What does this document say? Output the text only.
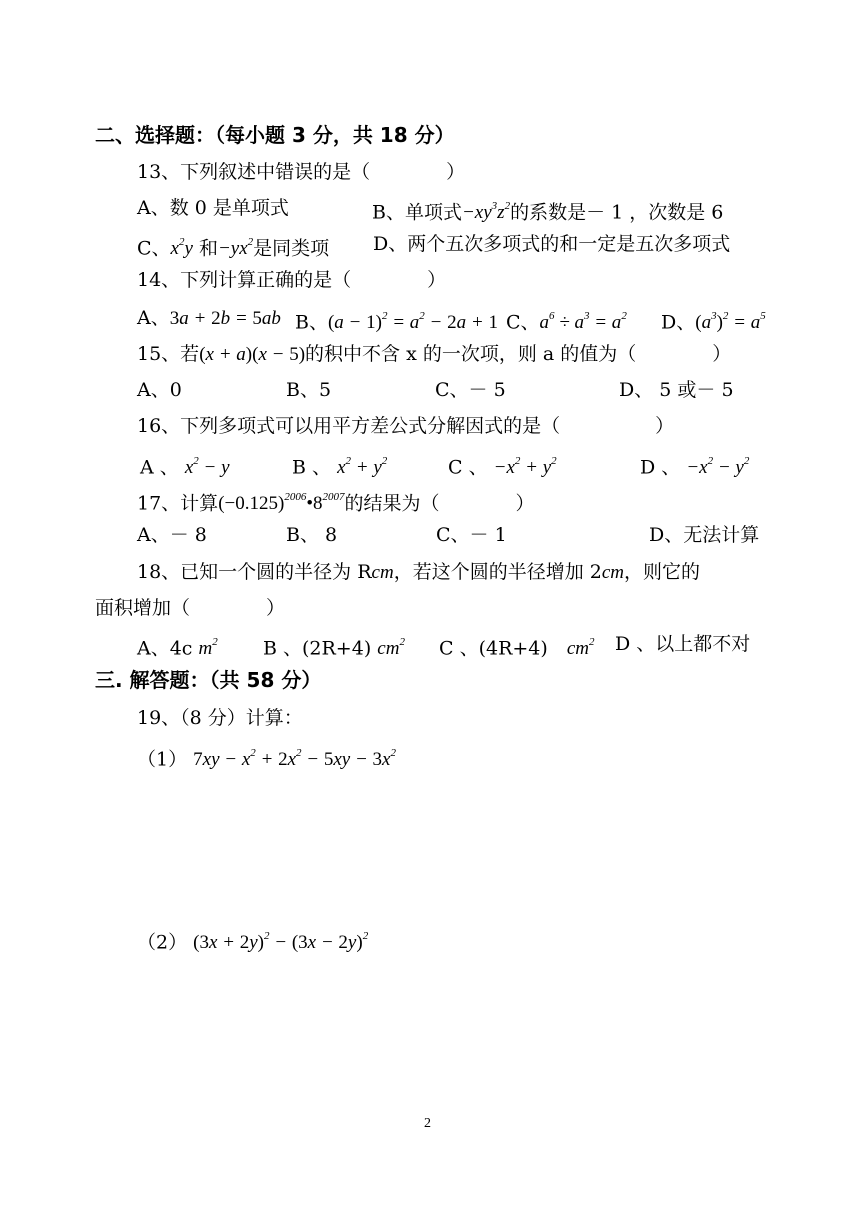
二、选择题：（每小题 3 分，共 18 分）
13、下列叙述中错误的是（　　　　）
A、数 0 是单项式	B、单项式$-xy^3z^2$的系数是－ 1 ，次数是 6
C、$x^2y$ 和$-yx^2$是同类项 D、两个五次多项式的和一定是五次多项式
14、下列计算正确的是（　　　　）
A、3a + 2b = 5ab B、$(a - 1)^2 = a^2 - 2a + 1$ C、$a^6 \div a^3 = a^2$ D、$(a^3)^2 = a^5$
15、若(x + a)(x − 5)的积中不含 x 的一次项，则 a 的值为（　　　　）
A、0	B、5	C、－ 5	D、 5 或－ 5
16、下列多项式可以用平方差公式分解因式的是（　　　　　）
A 、 $x^2 - y$	B 、 $x^2 + y^2$	C 、 $-x^2 + y^2$	D 、 $-x^2 - y^2$
17、计算$(-0.125)^{2006}•8^{2007}$的结果为（　　　　）
A、－ 8	B、 8	C、－ 1	D、无法计算
18、已知一个圆的半径为 Rcm，若这个圆的半径增加 2cm，则它的
面积增加（　　　　）
A、4c $m^2$ B 、(2R+4) $cm^2$ C 、(4R+4)　 $cm^2$ D 、以上都不对
三. 解答题：（共 58 分）
19、（8 分）计算：
（1） $7xy - x^2 + 2x^2 - 5xy - 3x^2$
（2） $(3x + 2y)^2 - (3x - 2y)^2$
2
